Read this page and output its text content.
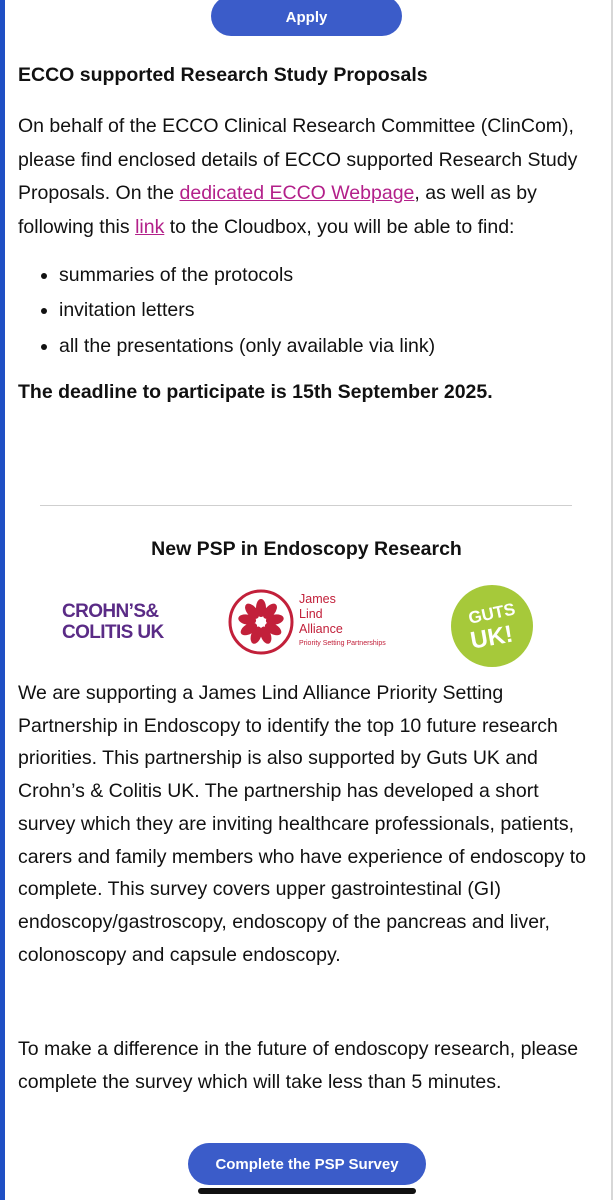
Apply
ECCO supported Research Study Proposals

On behalf of the ECCO Clinical Research Committee (ClinCom), please find enclosed details of ECCO supported Research Study Proposals. On the dedicated ECCO Webpage, as well as by following this link to the Cloudbox, you will be able to find:

• summaries of the protocols
• invitation letters
• all the presentations (only available via link)

The deadline to participate is 15th September 2025.

New PSP in Endoscopy Research
CROHN’S&
COLITIS UK
James
Lind
Alliance
Priority Setting Partnerships
GUTS
UK!

We are supporting a James Lind Alliance Priority Setting Partnership in Endoscopy to identify the top 10 future research priorities. This partnership is also supported by Guts UK and Crohn’s & Colitis UK. The partnership has developed a short survey which they are inviting healthcare professionals, patients, carers and family members who have experience of endoscopy to complete. This survey covers upper gastrointestinal (GI) endoscopy/gastroscopy, endoscopy of the pancreas and liver, colonoscopy and capsule endoscopy.

To make a difference in the future of endoscopy research, please complete the survey which will take less than 5 minutes.

Complete the PSP Survey
